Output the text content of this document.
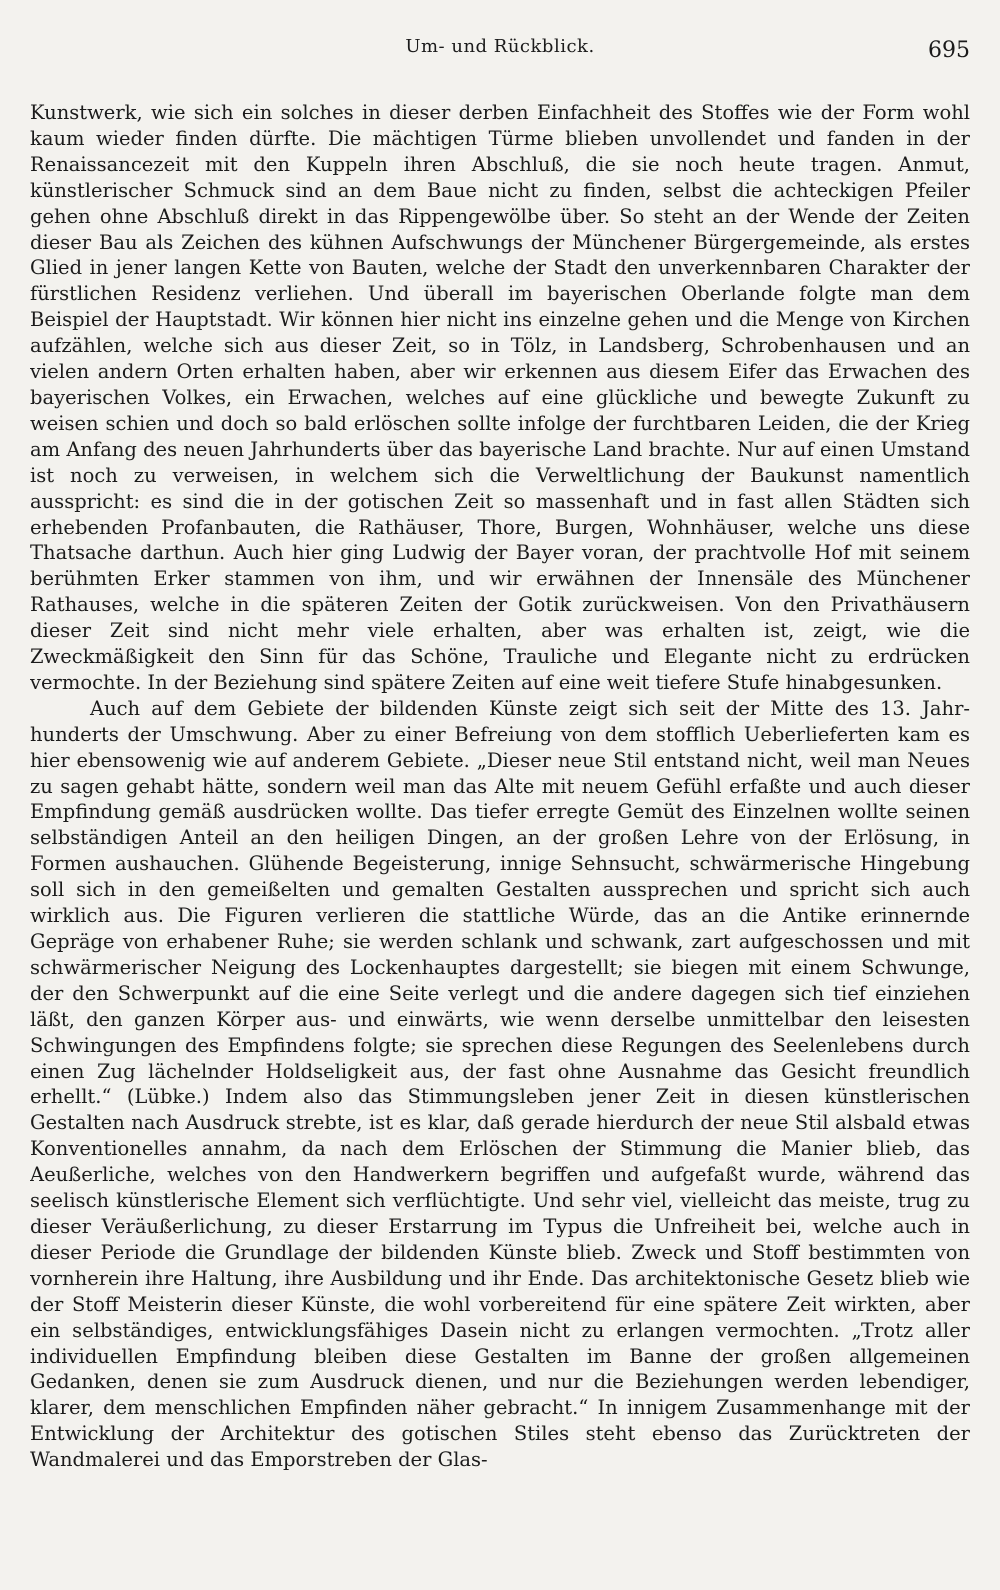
Um- und Rückblick.	695

Kunstwerk, wie sich ein solches in dieser derben Einfachheit des Stoffes wie der Form wohl kaum wieder finden dürfte. Die mächtigen Türme blieben unvollendet und fanden in der Renaissancezeit mit den Kuppeln ihren Abschluß, die sie noch heute tragen. Anmut, künstlerischer Schmuck sind an dem Baue nicht zu finden, selbst die achteckigen Pfeiler gehen ohne Abschluß direkt in das Rippengewölbe über. So steht an der Wende der Zeiten dieser Bau als Zeichen des kühnen Aufschwungs der Münchener Bürgergemeinde, als erstes Glied in jener langen Kette von Bauten, welche der Stadt den unverkennbaren Charakter der fürstlichen Residenz verliehen. Und überall im bayerischen Oberlande folgte man dem Beispiel der Hauptstadt. Wir können hier nicht ins einzelne gehen und die Menge von Kirchen aufzählen, welche sich aus dieser Zeit, so in Tölz, in Landsberg, Schrobenhausen und an vielen andern Orten erhalten haben, aber wir erkennen aus diesem Eifer das Erwachen des bayerischen Volkes, ein Erwachen, welches auf eine glückliche und bewegte Zukunft zu weisen schien und doch so bald erlöschen sollte infolge der furchtbaren Leiden, die der Krieg am Anfang des neuen Jahrhunderts über das bayerische Land brachte. Nur auf einen Umstand ist noch zu verweisen, in welchem sich die Verweltlichung der Baukunst namentlich ausspricht: es sind die in der gotischen Zeit so massenhaft und in fast allen Städten sich erhebenden Profanbauten, die Rathäuser, Thore, Burgen, Wohnhäuser, welche uns diese Thatsache darthun. Auch hier ging Ludwig der Bayer voran, der prachtvolle Hof mit seinem berühmten Erker stammen von ihm, und wir erwähnen der Innensäle des Münchener Rathauses, welche in die späteren Zeiten der Gotik zurückweisen. Von den Privathäusern dieser Zeit sind nicht mehr viele erhalten, aber was erhalten ist, zeigt, wie die Zweckmäßigkeit den Sinn für das Schöne, Trauliche und Elegante nicht zu erdrücken vermochte. In der Beziehung sind spätere Zeiten auf eine weit tiefere Stufe hinabgesunken.

Auch auf dem Gebiete der bildenden Künste zeigt sich seit der Mitte des 13. Jahrhunderts der Umschwung. Aber zu einer Befreiung von dem stofflich Ueberlieferten kam es hier ebensowenig wie auf anderem Gebiete. „Dieser neue Stil entstand nicht, weil man Neues zu sagen gehabt hätte, sondern weil man das Alte mit neuem Gefühl erfaßte und auch dieser Empfindung gemäß ausdrücken wollte. Das tiefer erregte Gemüt des Einzelnen wollte seinen selbständigen Anteil an den heiligen Dingen, an der großen Lehre von der Erlösung, in Formen aushauchen. Glühende Begeisterung, innige Sehnsucht, schwärmerische Hingebung soll sich in den gemeißelten und gemalten Gestalten aussprechen und spricht sich auch wirklich aus. Die Figuren verlieren die stattliche Würde, das an die Antike erinnernde Gepräge von erhabener Ruhe; sie werden schlank und schwank, zart aufgeschossen und mit schwärmerischer Neigung des Lockenhauptes dargestellt; sie biegen mit einem Schwunge, der den Schwerpunkt auf die eine Seite verlegt und die andere dagegen sich tief einziehen läßt, den ganzen Körper aus- und einwärts, wie wenn derselbe unmittelbar den leisesten Schwingungen des Empfindens folgte; sie sprechen diese Regungen des Seelenlebens durch einen Zug lächelnder Holdseligkeit aus, der fast ohne Ausnahme das Gesicht freundlich erhellt.“ (Lübke.) Indem also das Stimmungsleben jener Zeit in diesen künstlerischen Gestalten nach Ausdruck strebte, ist es klar, daß gerade hierdurch der neue Stil alsbald etwas Konventionelles annahm, da nach dem Erlöschen der Stimmung die Manier blieb, das Aeußerliche, welches von den Handwerkern begriffen und aufgefaßt wurde, während das seelisch künstlerische Element sich verflüchtigte. Und sehr viel, vielleicht das meiste, trug zu dieser Veräußerlichung, zu dieser Erstarrung im Typus die Unfreiheit bei, welche auch in dieser Periode die Grundlage der bildenden Künste blieb. Zweck und Stoff bestimmten von vornherein ihre Haltung, ihre Ausbildung und ihr Ende. Das architektonische Gesetz blieb wie der Stoff Meisterin dieser Künste, die wohl vorbereitend für eine spätere Zeit wirkten, aber ein selbständiges, entwicklungsfähiges Dasein nicht zu erlangen vermochten. „Trotz aller individuellen Empfindung bleiben diese Gestalten im Banne der großen allgemeinen Gedanken, denen sie zum Ausdruck dienen, und nur die Beziehungen werden lebendiger, klarer, dem menschlichen Empfinden näher gebracht.“ In innigem Zusammenhange mit der Entwicklung der Architektur des gotischen Stiles steht ebenso das Zurücktreten der Wandmalerei und das Emporstreben der Glas-
